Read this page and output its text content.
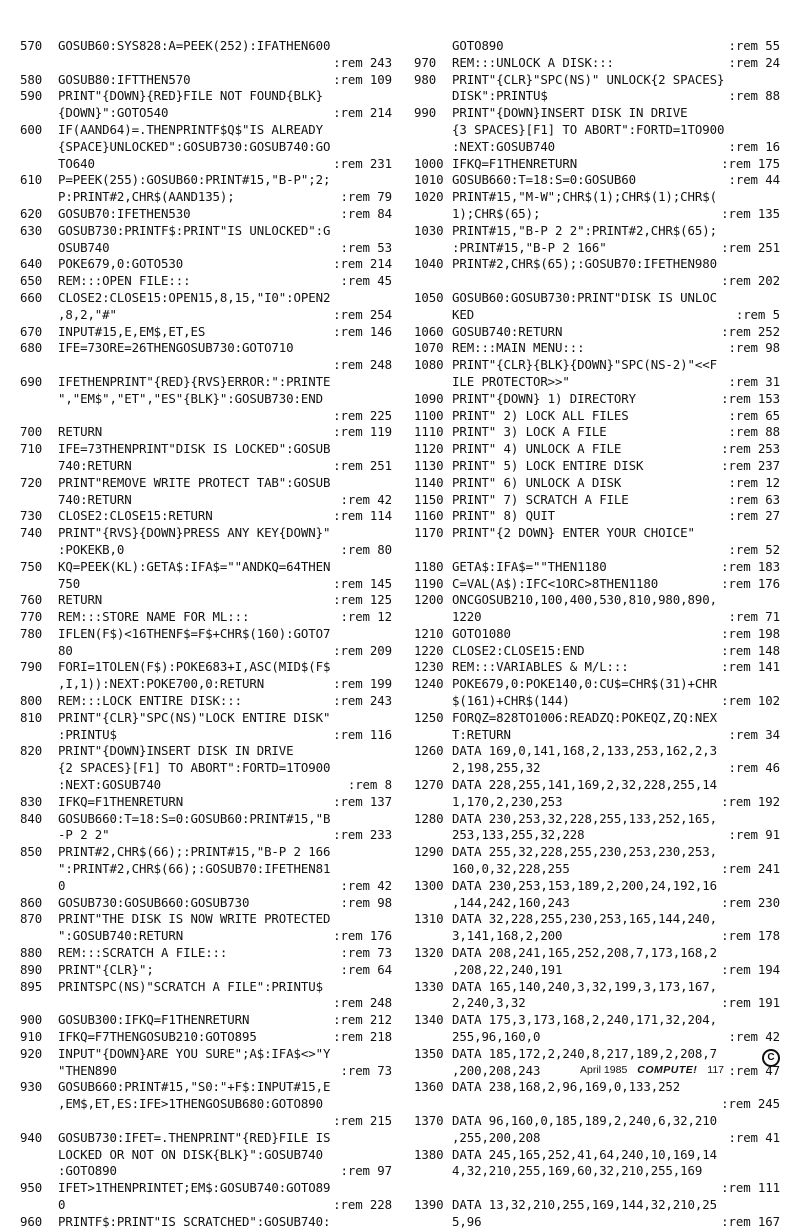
570	GOSUB60:SYS828:A=PEEK(252):IFATHEN600
:rem 243
580	GOSUB80:IFTTHEN570	:rem 109
590	PRINT"{DOWN}{RED}FILE NOT FOUND{BLK}
{DOWN}":GOTO540	:rem 214
600	IF(AAND64)=.THENPRINTF$Q$"IS ALREADY
{SPACE}UNLOCKED":GOSUB730:GOSUB740:GO
TO640	:rem 231
610	P=PEEK(255):GOSUB60:PRINT#15,"B-P";2;
P:PRINT#2,CHR$(AAND135);	:rem 79
620	GOSUB70:IFETHEN530	:rem 84
630	GOSUB730:PRINTF$:PRINT"IS UNLOCKED":G
OSUB740	:rem 53
640	POKE679,0:GOTO530	:rem 214
650	REM:::OPEN FILE:::	:rem 45
660	CLOSE2:CLOSE15:OPEN15,8,15,"I0":OPEN2
,8,2,"#"	:rem 254
670	INPUT#15,E,EM$,ET,ES	:rem 146
680	IFE=73ORE=26THENGOSUB730:GOTO710
:rem 248
690	IFETHENPRINT"{RED}{RVS}ERROR:":PRINTE
","EM$","ET","ES"{BLK}":GOSUB730:END
:rem 225
700	RETURN	:rem 119
710	IFE=73THENPRINT"DISK IS LOCKED":GOSUB
740:RETURN	:rem 251
720	PRINT"REMOVE WRITE PROTECT TAB":GOSUB
740:RETURN	:rem 42
730	CLOSE2:CLOSE15:RETURN	:rem 114
740	PRINT"{RVS}{DOWN}PRESS ANY KEY{DOWN}"
:POKEKB,0	:rem 80
750	KQ=PEEK(KL):GETA$:IFA$=""ANDKQ=64THEN
750	:rem 145
760	RETURN	:rem 125
770	REM:::STORE NAME FOR ML:::	:rem 12
780	IFLEN(F$)<16THENF$=F$+CHR$(160):GOTO7
80	:rem 209
790	FORI=1TOLEN(F$):POKE683+I,ASC(MID$(F$
,I,1)):NEXT:POKE700,0:RETURN	:rem 199
800	REM:::LOCK ENTIRE DISK:::	:rem 243
810	PRINT"{CLR}"SPC(NS)"LOCK ENTIRE DISK"
:PRINTU$	:rem 116
820	PRINT"{DOWN}INSERT DISK IN DRIVE
{2 SPACES}[F1] TO ABORT":FORTD=1TO900
:NEXT:GOSUB740	:rem 8
830	IFKQ=F1THENRETURN	:rem 137
840	GOSUB660:T=18:S=0:GOSUB60:PRINT#15,"B
-P 2 2"	:rem 233
850	PRINT#2,CHR$(66);:PRINT#15,"B-P 2 166
":PRINT#2,CHR$(66);:GOSUB70:IFETHEN81
0	:rem 42
860	GOSUB730:GOSUB660:GOSUB730	:rem 98
870	PRINT"THE DISK IS NOW WRITE PROTECTED
":GOSUB740:RETURN	:rem 176
880	REM:::SCRATCH A FILE:::	:rem 73
890	PRINT"{CLR}";	:rem 64
895	PRINTSPC(NS)"SCRATCH A FILE":PRINTU$
:rem 248
900	GOSUB300:IFKQ=F1THENRETURN	:rem 212
910	IFKQ=F7THENGOSUB210:GOTO895	:rem 218
920	INPUT"{DOWN}ARE YOU SURE";A$:IFA$<>"Y
"THEN890	:rem 73
930	GOSUB660:PRINT#15,"S0:"+F$:INPUT#15,E
,EM$,ET,ES:IFE>1THENGOSUB680:GOTO890
:rem 215
940	GOSUB730:IFET=.THENPRINT"{RED}FILE IS
LOCKED OR NOT ON DISK{BLK}":GOSUB740
:GOTO890	:rem 97
950	IFET>1THENPRINTET;EM$:GOSUB740:GOTO89
0	:rem 228
960	PRINTF$:PRINT"IS SCRATCHED":GOSUB740:
GOTO890	:rem 55
970	REM:::UNLOCK A DISK:::	:rem 24
980	PRINT"{CLR}"SPC(NS)" UNLOCK{2 SPACES}
DISK":PRINTU$	:rem 88
990	PRINT"{DOWN}INSERT DISK IN DRIVE
{3 SPACES}[F1] TO ABORT":FORTD=1TO900
:NEXT:GOSUB740	:rem 16
1000 IFKQ=F1THENRETURN	:rem 175
1010 GOSUB660:T=18:S=0:GOSUB60	:rem 44
1020 PRINT#15,"M-W";CHR$(1);CHR$(1);CHR$(
1);CHR$(65);	:rem 135
1030 PRINT#15,"B-P 2 2":PRINT#2,CHR$(65);
:PRINT#15,"B-P 2 166"	:rem 251
1040 PRINT#2,CHR$(65);:GOSUB70:IFETHEN980
:rem 202
1050 GOSUB60:GOSUB730:PRINT"DISK IS UNLOC
KED	:rem 5
1060 GOSUB740:RETURN	:rem 252
1070 REM:::MAIN MENU:::	:rem 98
1080 PRINT"{CLR}{BLK}{DOWN}"SPC(NS-2)"<<F
ILE PROTECTOR>>"	:rem 31
1090 PRINT"{DOWN} 1) DIRECTORY	:rem 153
1100 PRINT" 2) LOCK ALL FILES	:rem 65
1110 PRINT" 3) LOCK A FILE	:rem 88
1120 PRINT" 4) UNLOCK A FILE	:rem 253
1130 PRINT" 5) LOCK ENTIRE DISK	:rem 237
1140 PRINT" 6) UNLOCK A DISK	:rem 12
1150 PRINT" 7) SCRATCH A FILE	:rem 63
1160 PRINT" 8) QUIT	:rem 27
1170 PRINT"{2 DOWN} ENTER YOUR CHOICE"
:rem 52
1180 GETA$:IFA$=""THEN1180	:rem 183
1190 C=VAL(A$):IFC<1ORC>8THEN1180	:rem 176
1200 ONCGOSUB210,100,400,530,810,980,890,
1220	:rem 71
1210 GOTO1080	:rem 198
1220 CLOSE2:CLOSE15:END	:rem 148
1230 REM:::VARIABLES & M/L:::	:rem 141
1240 POKE679,0:POKE140,0:CU$=CHR$(31)+CHR
$(161)+CHR$(144)	:rem 102
1250 FORQZ=828TO1006:READZQ:POKEQZ,ZQ:NEX
T:RETURN	:rem 34
1260 DATA 169,0,141,168,2,133,253,162,2,3
2,198,255,32	:rem 46
1270 DATA 228,255,141,169,2,32,228,255,14
1,170,2,230,253	:rem 192
1280 DATA 230,253,32,228,255,133,252,165,
253,133,255,32,228	:rem 91
1290 DATA 255,32,228,255,230,253,230,253,
160,0,32,228,255	:rem 241
1300 DATA 230,253,153,189,2,200,24,192,16
,144,242,160,243	:rem 230
1310 DATA 32,228,255,230,253,165,144,240,
3,141,168,2,200	:rem 178
1320 DATA 208,241,165,252,208,7,173,168,2
,208,22,240,191	:rem 194
1330 DATA 165,140,240,3,32,199,3,173,167,
2,240,3,32	:rem 191
1340 DATA 175,3,173,168,2,240,171,32,204,
255,96,160,0	:rem 42
1350 DATA 185,172,2,240,8,217,189,2,208,7
,200,208,243	:rem 47
1360 DATA 238,168,2,96,169,0,133,252
:rem 245
1370 DATA 96,160,0,185,189,2,240,6,32,210
,255,200,208	:rem 41
1380 DATA 245,165,252,41,64,240,10,169,14
4,32,210,255,169,60,32,210,255,169
:rem 111
1390 DATA 13,32,210,255,169,144,32,210,25
5,96	:rem 167
April 1985 COMPUTE! 117
C
